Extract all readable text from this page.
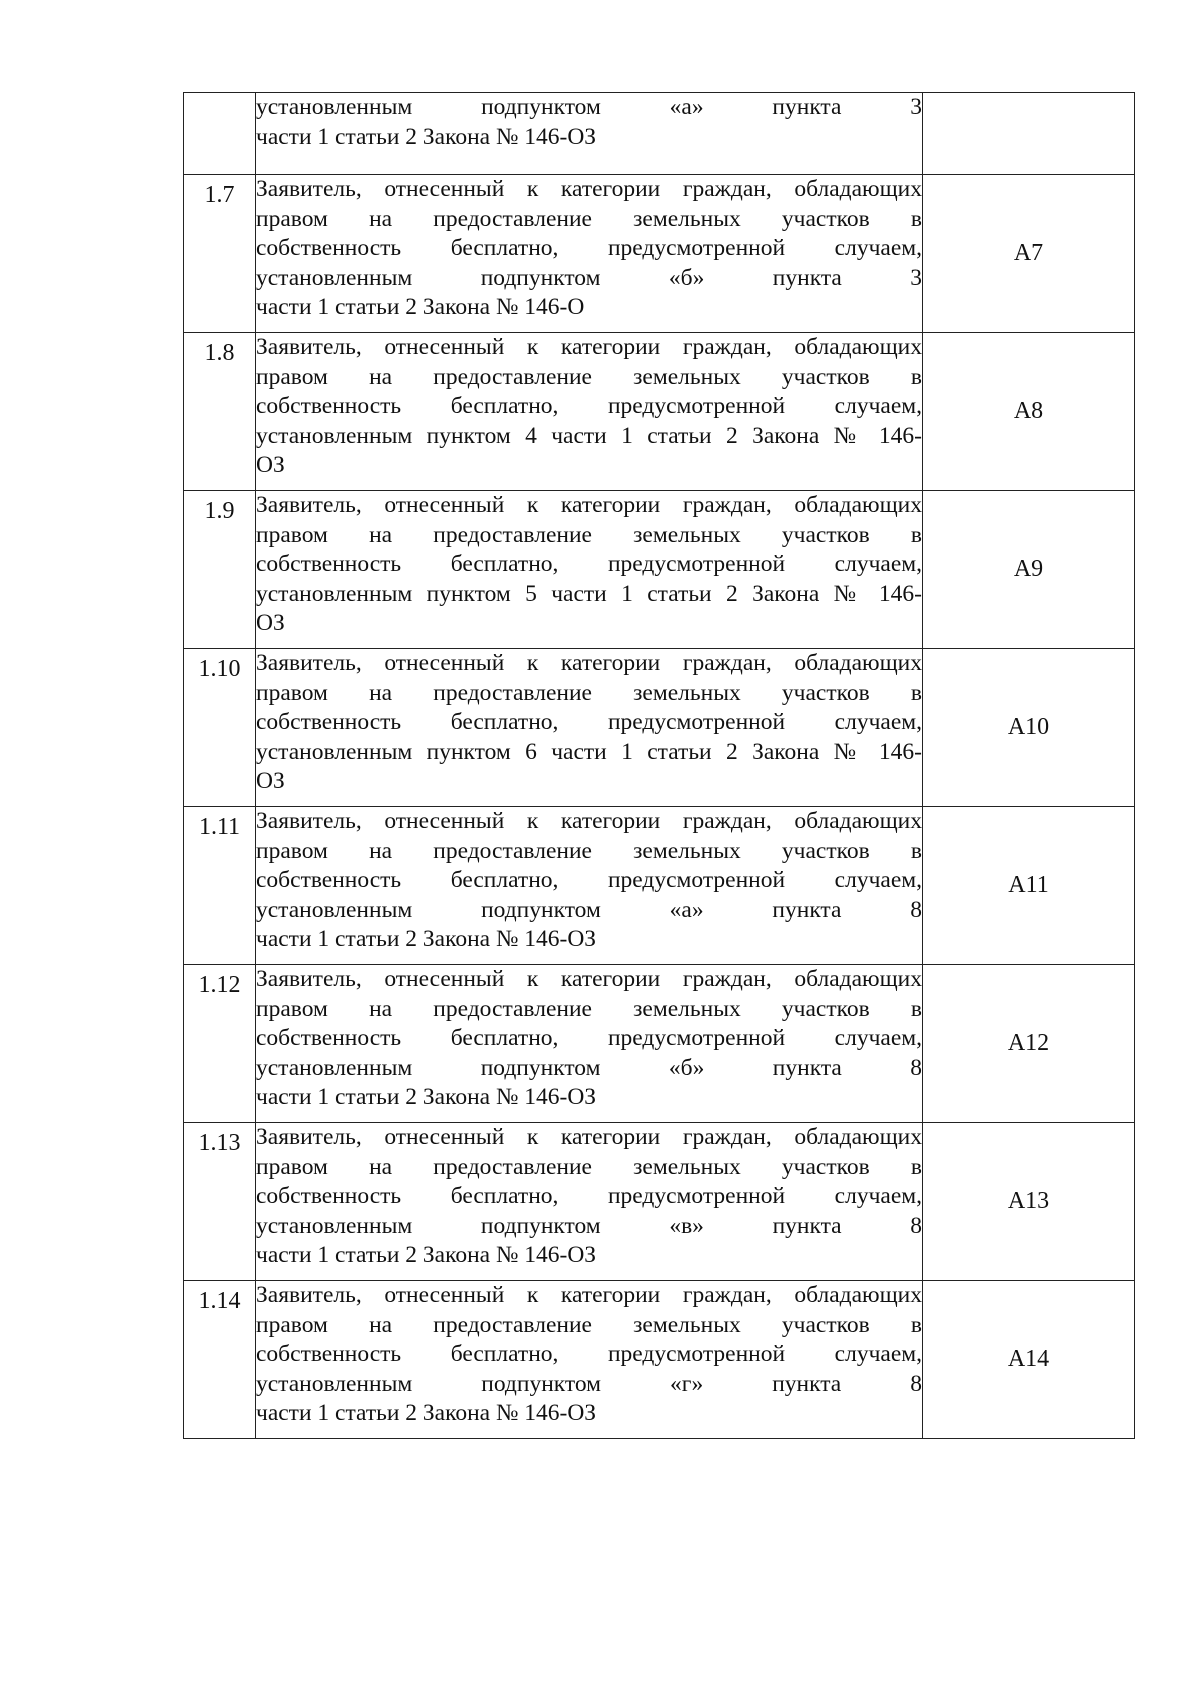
	установленным подпунктом «а» пункта 3
части 1 статьи 2 Закона № 146-ОЗ	

1.7	Заявитель, отнесенный к категории граждан, обладающих
правом на предоставление земельных участков в
собственность бесплатно, предусмотренной случаем,
установленным подпунктом «б» пункта 3
части 1 статьи 2 Закона № 146-О	А7

1.8	Заявитель, отнесенный к категории граждан, обладающих
правом на предоставление земельных участков в
собственность бесплатно, предусмотренной случаем,
установленным пунктом 4 части 1 статьи 2 Закона № 146-
ОЗ	А8

1.9	Заявитель, отнесенный к категории граждан, обладающих
правом на предоставление земельных участков в
собственность бесплатно, предусмотренной случаем,
установленным пунктом 5 части 1 статьи 2 Закона № 146-
ОЗ	А9

1.10	Заявитель, отнесенный к категории граждан, обладающих
правом на предоставление земельных участков в
собственность бесплатно, предусмотренной случаем,
установленным пунктом 6 части 1 статьи 2 Закона № 146-
ОЗ	А10

1.11	Заявитель, отнесенный к категории граждан, обладающих
правом на предоставление земельных участков в
собственность бесплатно, предусмотренной случаем,
установленным подпунктом «а» пункта 8
части 1 статьи 2 Закона № 146-ОЗ	А11

1.12	Заявитель, отнесенный к категории граждан, обладающих
правом на предоставление земельных участков в
собственность бесплатно, предусмотренной случаем,
установленным подпунктом «б» пункта 8
части 1 статьи 2 Закона № 146-ОЗ	А12

1.13	Заявитель, отнесенный к категории граждан, обладающих
правом на предоставление земельных участков в
собственность бесплатно, предусмотренной случаем,
установленным подпунктом «в» пункта 8
части 1 статьи 2 Закона № 146-ОЗ	А13

1.14	Заявитель, отнесенный к категории граждан, обладающих
правом на предоставление земельных участков в
собственность бесплатно, предусмотренной случаем,
установленным подпунктом «г» пункта 8
части 1 статьи 2 Закона № 146-ОЗ	А14
